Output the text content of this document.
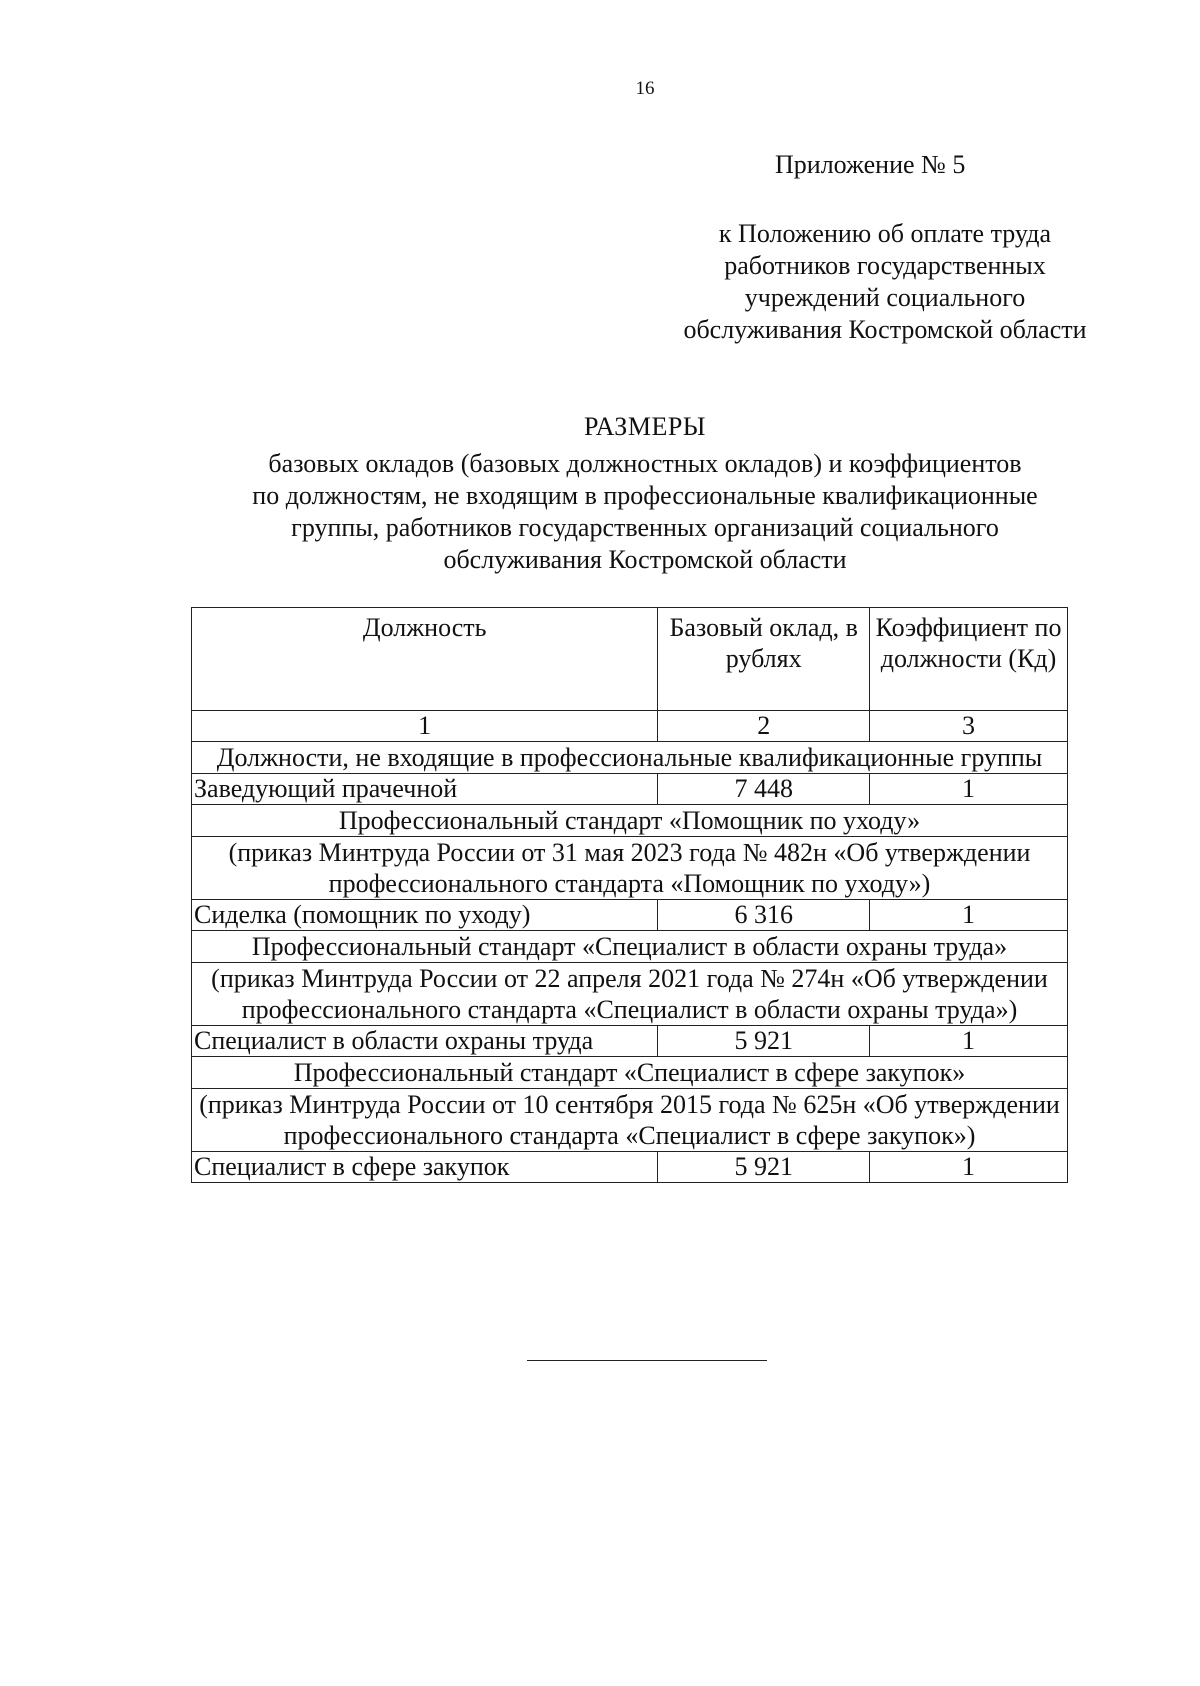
16
Приложение № 5
к Положению об оплате труда
работников государственных
учреждений социального
обслуживания Костромской области
РАЗМЕРЫ
базовых окладов (базовых должностных окладов) и коэффициентов
по должностям, не входящим в профессиональные квалификационные
группы, работников государственных организаций социального
обслуживания Костромской области
Должность	Базовый оклад, в рублях	Коэффициент по должности (Кд)
1	2	3
Должности, не входящие в профессиональные квалификационные группы		
Заведующий прачечной	7 448	1
Профессиональный стандарт «Помощник по уходу»		
(приказ Минтруда России от 31 мая 2023 года № 482н «Об утверждении профессионального стандарта «Помощник по уходу»)		
Сиделка (помощник по уходу)	6 316	1
Профессиональный стандарт «Специалист в области охраны труда»		
(приказ Минтруда России от 22 апреля 2021 года № 274н «Об утверждении профессионального стандарта «Специалист в области охраны труда»)		
Специалист в области охраны труда	5 921	1
Профессиональный стандарт «Специалист в сфере закупок»		
(приказ Минтруда России от 10 сентября 2015 года № 625н «Об утверждении профессионального стандарта «Специалист в сфере закупок»)		
Специалист в сфере закупок	5 921	1
